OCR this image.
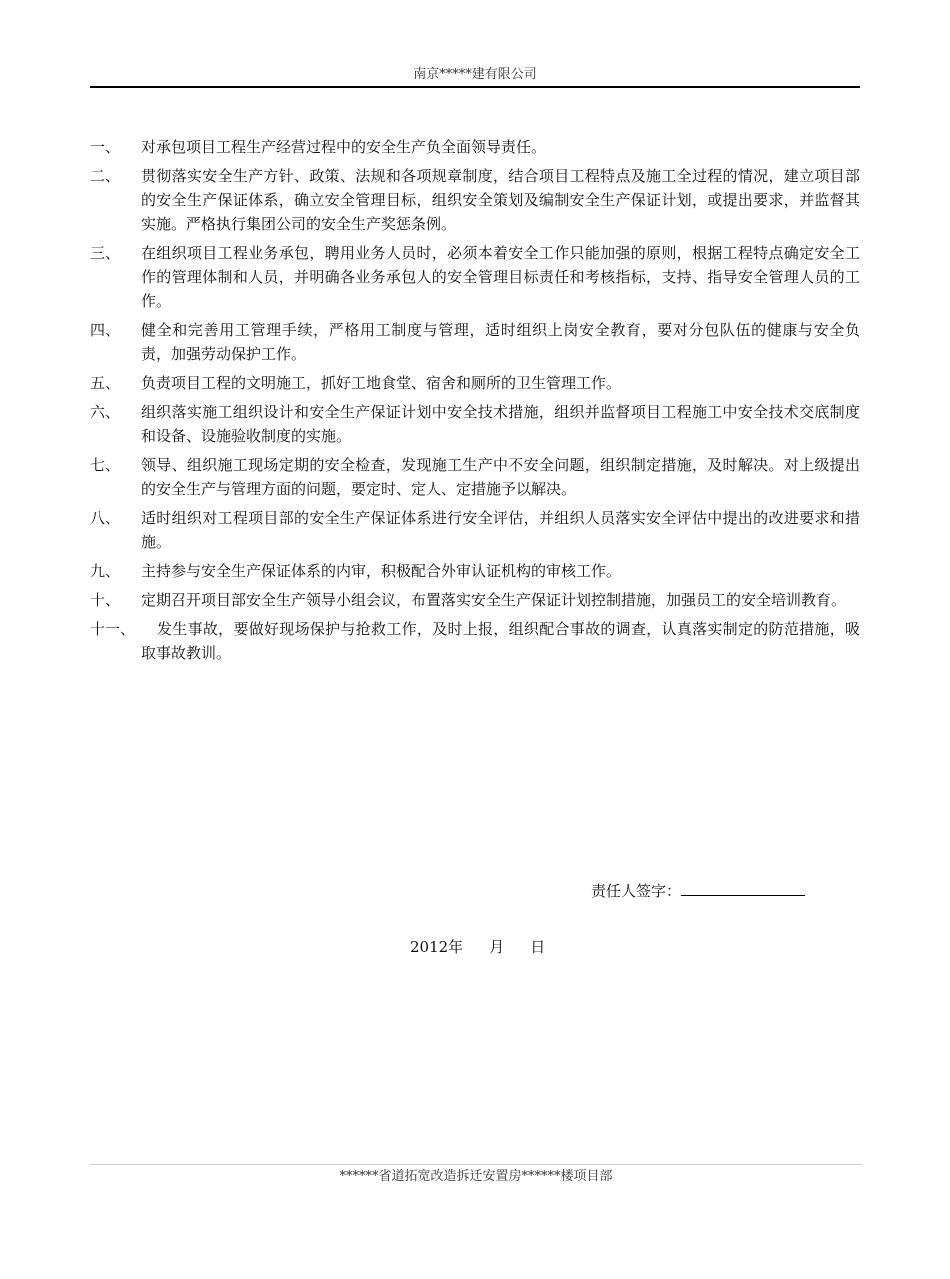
南京*****建有限公司
一、 对承包项目工程生产经营过程中的安全生产负全面领导责任。
二、 贯彻落实安全生产方针、政策、法规和各项规章制度，结合项目工程特点及施工全过程的情况，建立项目部的安全生产保证体系，确立安全管理目标，组织安全策划及编制安全生产保证计划，或提出要求，并监督其实施。严格执行集团公司的安全生产奖惩条例。
三、 在组织项目工程业务承包，聘用业务人员时，必须本着安全工作只能加强的原则，根据工程特点确定安全工作的管理体制和人员，并明确各业务承包人的安全管理目标责任和考核指标，支持、指导安全管理人员的工作。
四、 健全和完善用工管理手续，严格用工制度与管理，适时组织上岗安全教育，要对分包队伍的健康与安全负责，加强劳动保护工作。
五、 负责项目工程的文明施工，抓好工地食堂、宿舍和厕所的卫生管理工作。
六、 组织落实施工组织设计和安全生产保证计划中安全技术措施，组织并监督项目工程施工中安全技术交底制度和设备、设施验收制度的实施。
七、 领导、组织施工现场定期的安全检查，发现施工生产中不安全问题，组织制定措施，及时解决。对上级提出的安全生产与管理方面的问题，要定时、定人、定措施予以解决。
八、 适时组织对工程项目部的安全生产保证体系进行安全评估，并组织人员落实安全评估中提出的改进要求和措施。
九、 主持参与安全生产保证体系的内审，积极配合外审认证机构的审核工作。
十、 定期召开项目部安全生产领导小组会议，布置落实安全生产保证计划控制措施，加强员工的安全培训教育。
十一、	发生事故，要做好现场保护与抢救工作，及时上报，组织配合事故的调查，认真落实制定的防范措施，吸取事故教训。
责任人签字：
2012年 月 日
******省道拓宽改造拆迁安置房******楼项目部
